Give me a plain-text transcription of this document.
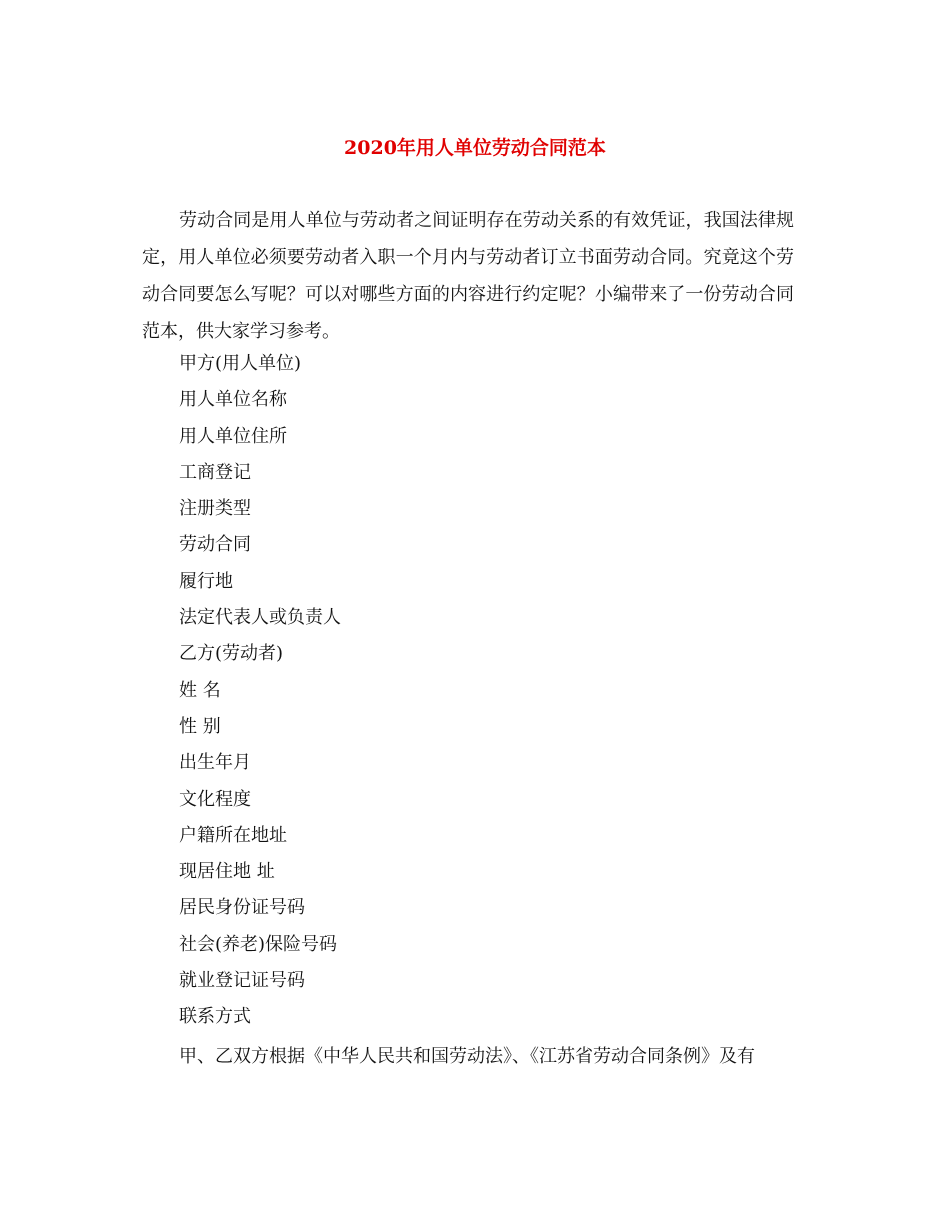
2020年用人单位劳动合同范本

劳动合同是用人单位与劳动者之间证明存在劳动关系的有效凭证，我国法律规定，用人单位必须要劳动者入职一个月内与劳动者订立书面劳动合同。究竟这个劳动合同要怎么写呢？可以对哪些方面的内容进行约定呢？小编带来了一份劳动合同范本，供大家学习参考。

甲方(用人单位)
用人单位名称
用人单位住所
工商登记
注册类型
劳动合同
履行地
法定代表人或负责人
乙方(劳动者)
姓 名
性 别
出生年月
文化程度
户籍所在地址
现居住地 址
居民身份证号码
社会(养老)保险号码
就业登记证号码
联系方式

甲、乙双方根据《中华人民共和国劳动法》、《江苏省劳动合同条例》及有
